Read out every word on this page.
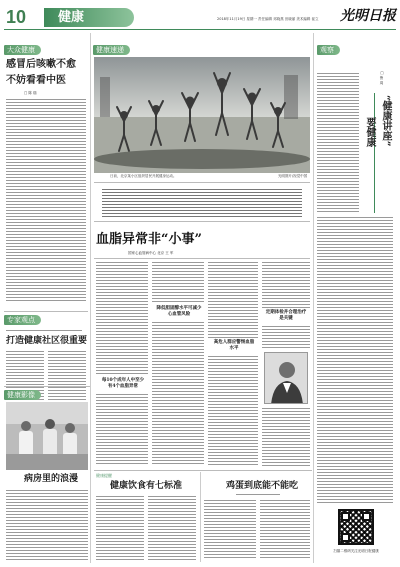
10 健康	2018年11月19日 星期一 责任编辑 邓晓燕 田晓丽 美术编辑 崔立 光明日报
大众健康
感冒后咳嗽不愈
不妨看看中医
□ 陈 瑞
专家观点
打造健康社区很重要
观察
□ 鲁 周
“健康讲座”
要健康
扫描二维码关注光明日报健康
健康速递
日前，北京某小区组织居民开展健身运动。	光明图片/视觉中国
血脂异常非“小事”
国家心血管病中心 北京 王 军
每10个成年人中至少有4个血脂异常
降低胆固醇水平可减少心血管风险
高危人群应警惕血脂水平
定期体检并合理治疗是关键
健康影像
病房里的浪漫	健康提醒
健康饮食有七标准	鸡蛋到底能不能吃
